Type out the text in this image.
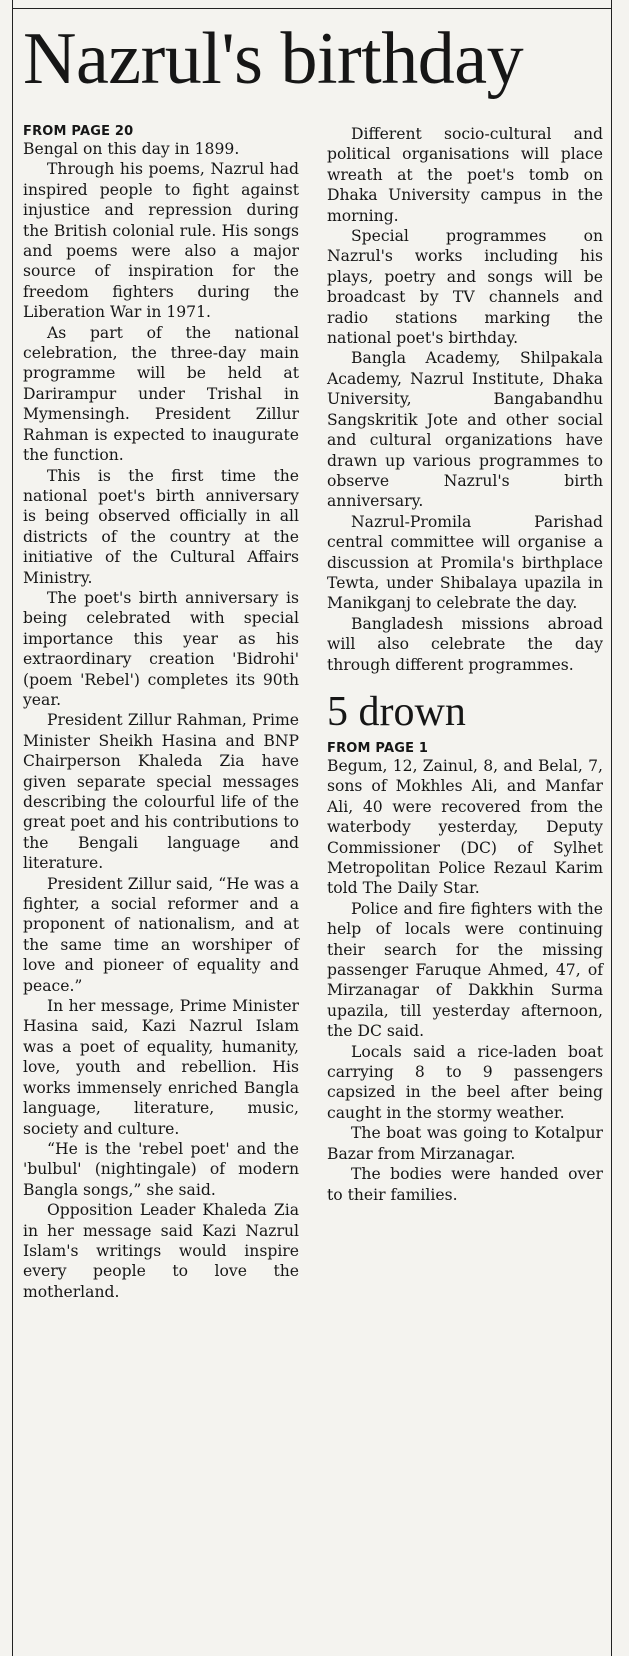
Nazrul's birthday

FROM PAGE 20

Bengal on this day in 1899.

Through his poems, Nazrul had inspired people to fight against injustice and repression during the British colonial rule. His songs and poems were also a major source of inspiration for the freedom fighters during the Liberation War in 1971.

As part of the national celebration, the three-day main programme will be held at Darirampur under Trishal in Mymensingh. President Zillur Rahman is expected to inaugurate the function.

This is the first time the national poet's birth anniversary is being observed officially in all districts of the country at the initiative of the Cultural Affairs Ministry.

The poet's birth anniversary is being celebrated with special importance this year as his extraordinary creation 'Bidrohi' (poem 'Rebel') completes its 90th year.

President Zillur Rahman, Prime Minister Sheikh Hasina and BNP Chairperson Khaleda Zia have given separate special messages describing the colourful life of the great poet and his contributions to the Bengali language and literature.

President Zillur said, “He was a fighter, a social reformer and a proponent of nationalism, and at the same time an worshiper of love and pioneer of equality and peace.”

In her message, Prime Minister Hasina said, Kazi Nazrul Islam was a poet of equality, humanity, love, youth and rebellion. His works immensely enriched Bangla language, literature, music, society and culture.

“He is the 'rebel poet' and the 'bulbul' (nightingale) of modern Bangla songs,” she said.

Opposition Leader Khaleda Zia in her message said Kazi Nazrul Islam's writings would inspire every people to love the motherland.

Different socio-cultural and political organisations will place wreath at the poet's tomb on Dhaka University campus in the morning.

Special programmes on Nazrul's works including his plays, poetry and songs will be broadcast by TV channels and radio stations marking the national poet's birthday.

Bangla Academy, Shilpakala Academy, Nazrul Institute, Dhaka University, Bangabandhu Sangskritik Jote and other social and cultural organizations have drawn up various programmes to observe Nazrul's birth anniversary.

Nazrul-Promila Parishad central committee will organise a discussion at Promila's birthplace Tewta, under Shibalaya upazila in Manikganj to celebrate the day.

Bangladesh missions abroad will also celebrate the day through different programmes.

5 drown

FROM PAGE 1

Begum, 12, Zainul, 8, and Belal, 7, sons of Mokhles Ali, and Manfar Ali, 40 were recovered from the waterbody yesterday, Deputy Commissioner (DC) of Sylhet Metropolitan Police Rezaul Karim told The Daily Star.

Police and fire fighters with the help of locals were continuing their search for the missing passenger Faruque Ahmed, 47, of Mirzanagar of Dakkhin Surma upazila, till yesterday afternoon, the DC said.

Locals said a rice-laden boat carrying 8 to 9 passengers capsized in the beel after being caught in the stormy weather.

The boat was going to Kotalpur Bazar from Mirzanagar.

The bodies were handed over to their families.
